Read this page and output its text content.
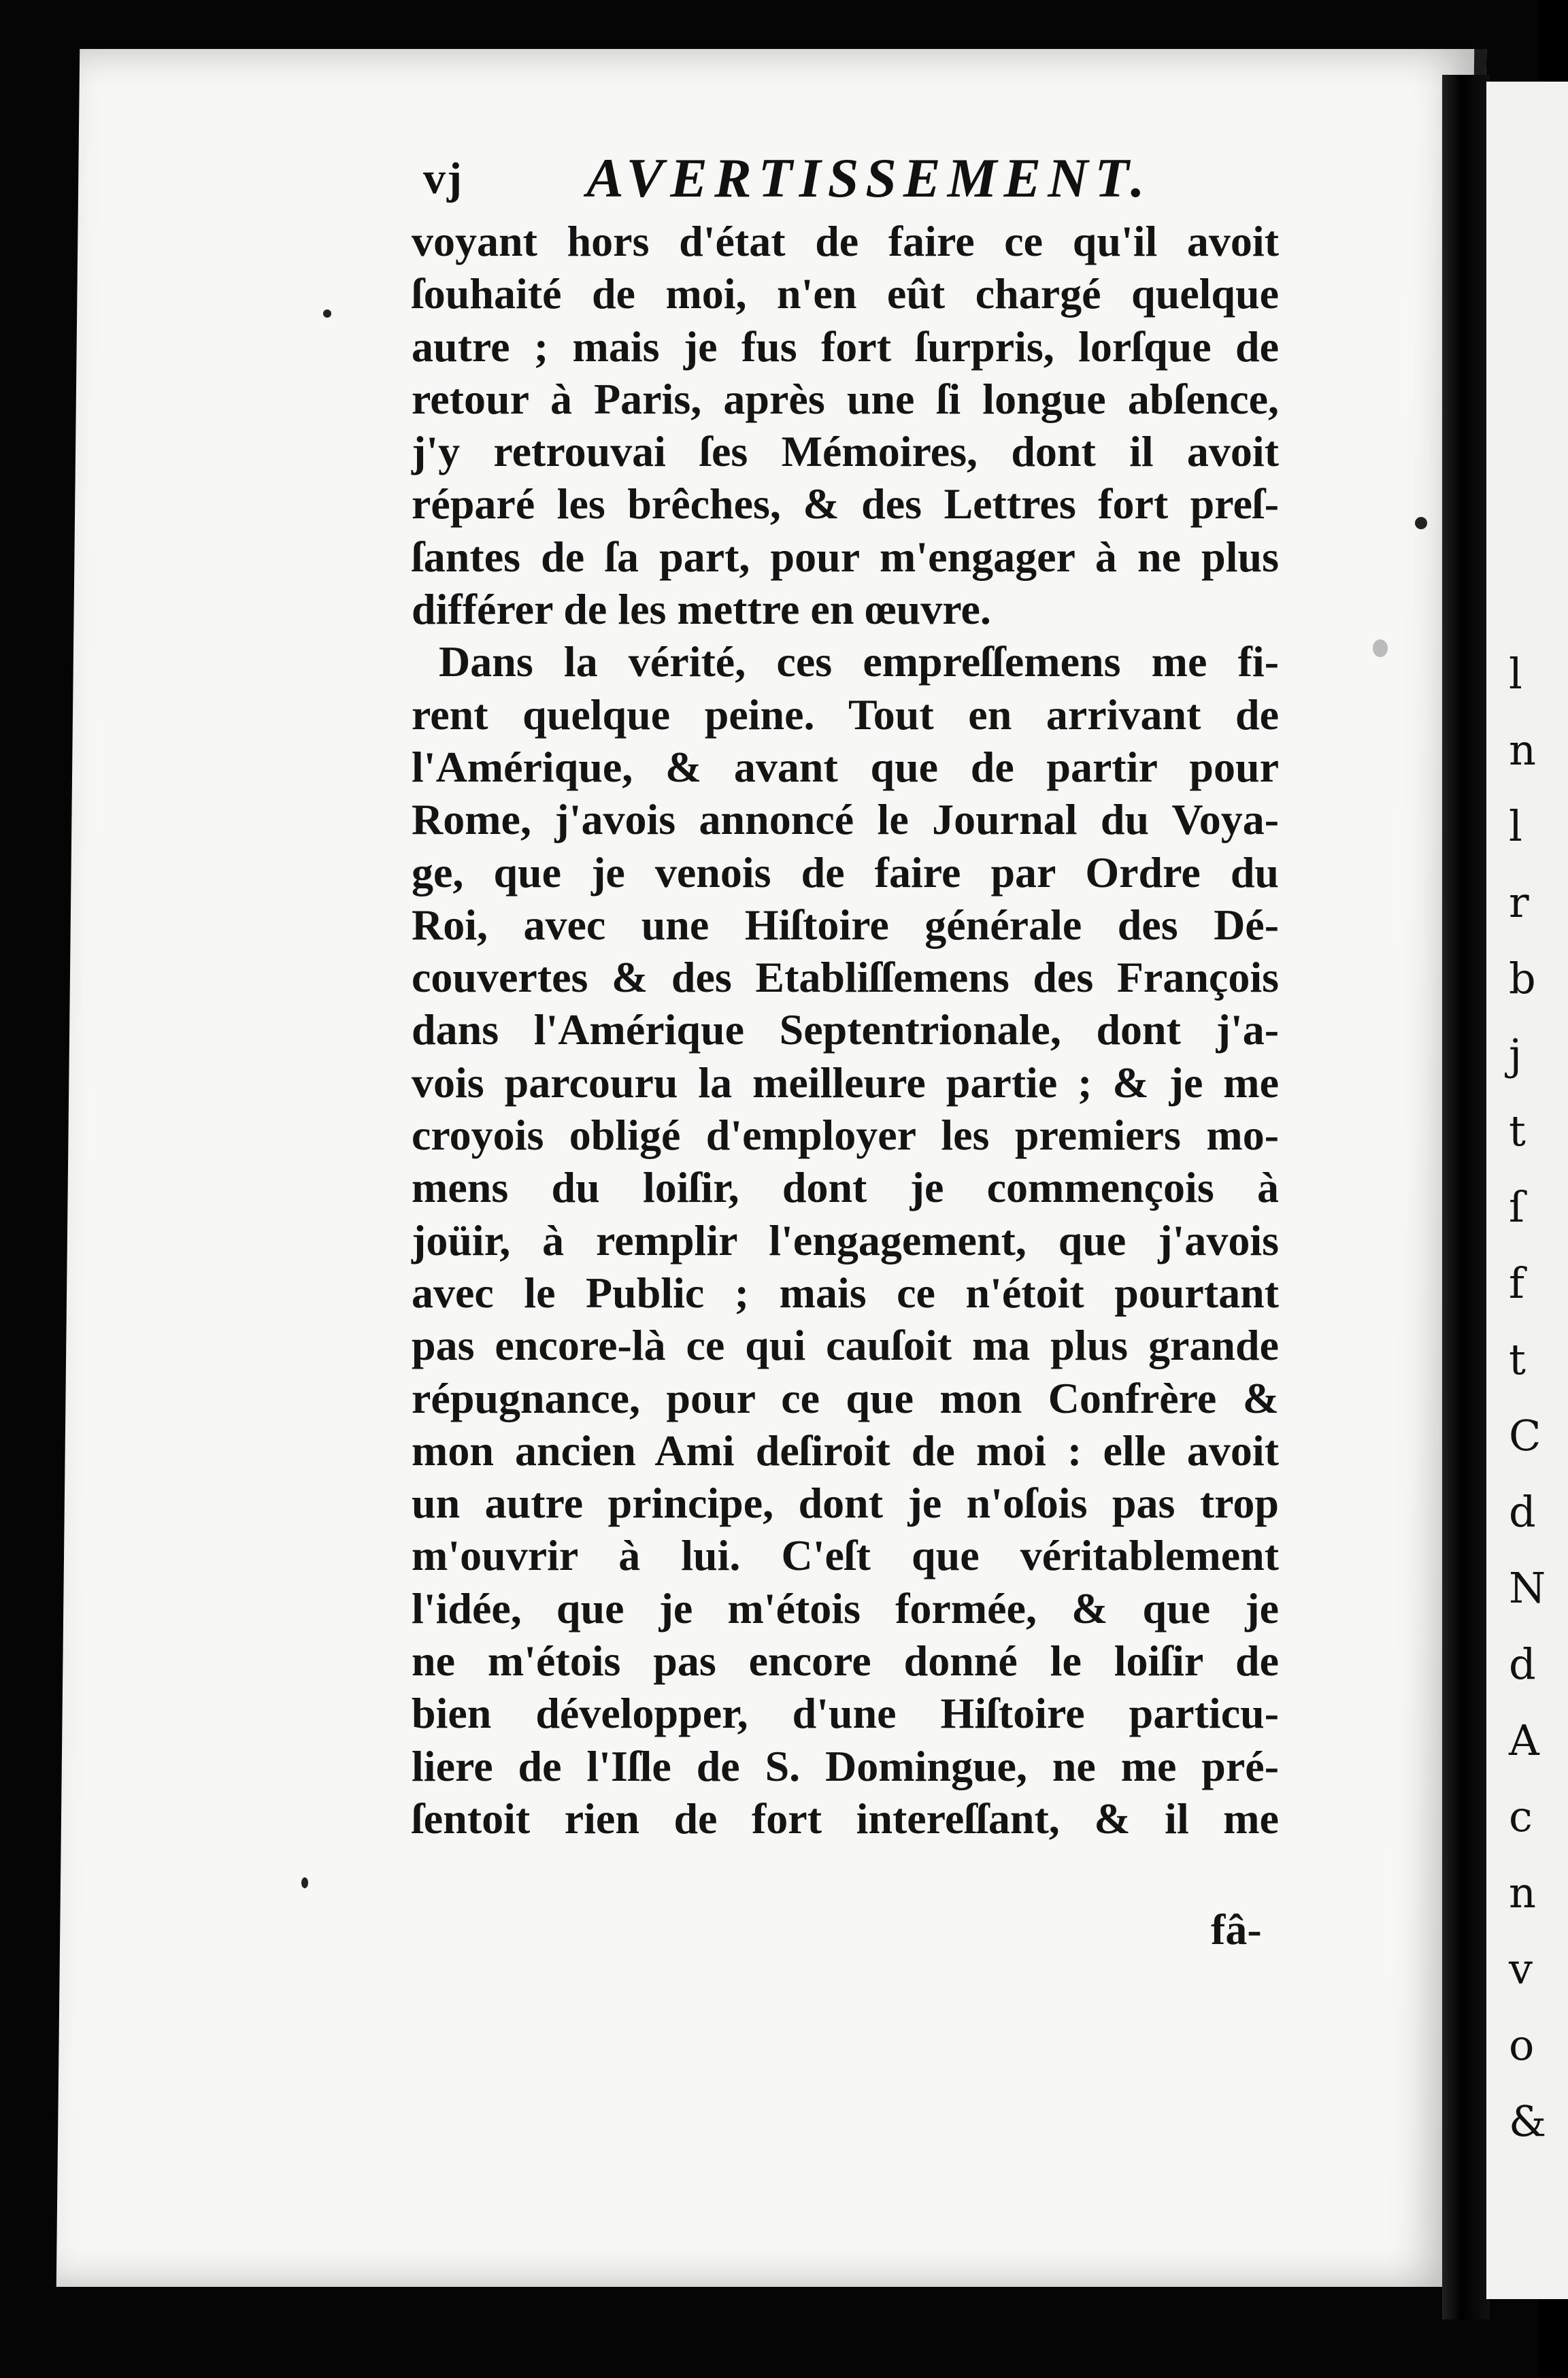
vj AVERTISSEMENT.
voyant hors d'état de faire ce qu'il avoit
ſouhaité de moi, n'en eût chargé quelque
autre ; mais je fus fort ſurpris, lorſque de
retour à Paris, après une ſi longue abſence,
j'y retrouvai ſes Mémoires, dont il avoit
réparé les brêches, & des Lettres fort preſ-
ſantes de ſa part, pour m'engager à ne plus
différer de les mettre en œuvre.
Dans la vérité, ces empreſſemens me fi-
rent quelque peine. Tout en arrivant de
l'Amérique, & avant que de partir pour
Rome, j'avois annoncé le Journal du Voya-
ge, que je venois de faire par Ordre du
Roi, avec une Hiſtoire générale des Dé-
couvertes & des Etabliſſemens des François
dans l'Amérique Septentrionale, dont j'a-
vois parcouru la meilleure partie ; & je me
croyois obligé d'employer les premiers mo-
mens du loiſir, dont je commençois à
joüir, à remplir l'engagement, que j'avois
avec le Public ; mais ce n'étoit pourtant
pas encore-là ce qui cauſoit ma plus grande
répugnance, pour ce que mon Confrère &
mon ancien Ami deſiroit de moi : elle avoit
un autre principe, dont je n'oſois pas trop
m'ouvrir à lui. C'eſt que véritablement
l'idée, que je m'étois formée, & que je
ne m'étois pas encore donné le loiſir de
bien développer, d'une Hiſtoire particu-
liere de l'Iſle de S. Domingue, ne me pré-
ſentoit rien de fort intereſſant, & il me
fâ-
l
n
l
r
b
j
t
ſ
f
t
C
d
N
d
A
c
n
v
o
&
